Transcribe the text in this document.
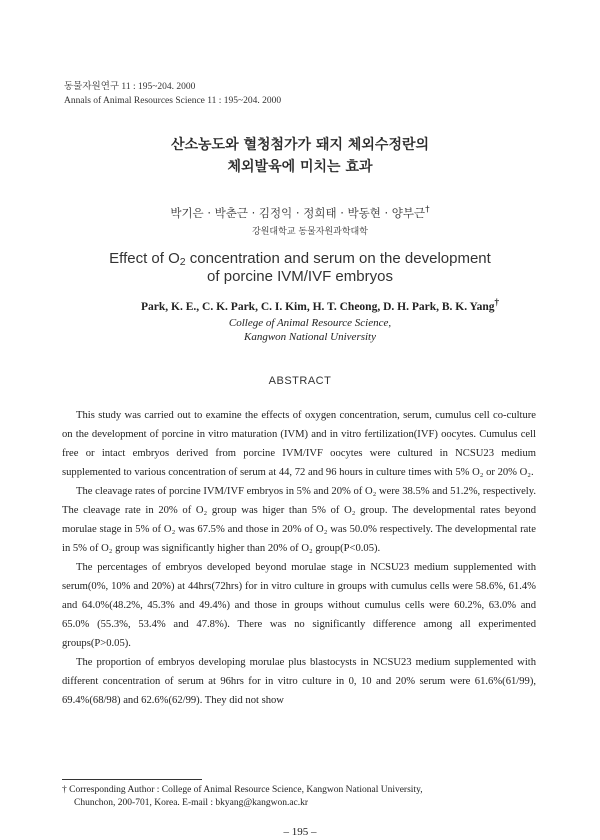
동물자원연구 11 : 195~204. 2000
Annals of Animal Resources Science 11 : 195~204. 2000
산소농도와 혈청첨가가 돼지 체외수정란의
체외발육에 미치는 효과
박기은 · 박춘근 · 김정익 · 정희태 · 박동현 · 양부근†
강원대학교 동물자원과학대학
Effect of $O_2$ concentration and serum on the development
of porcine IVM/IVF embryos
Park, K. E., C. K. Park, C. I. Kim, H. T. Cheong, D. H. Park, B. K. Yang†
College of Animal Resource Science,
Kangwon National University
ABSTRACT

This study was carried out to examine the effects of oxygen concentration, serum, cumulus cell co-culture on the development of porcine in vitro maturation (IVM) and in vitro fertilization(IVF) oocytes. Cumulus cell free or intact embryos derived from porcine IVM/IVF oocytes were cultured in NCSU23 medium supplemented to various concentration of serum at 44, 72 and 96 hours in culture times with 5% O₂ or 20% O₂.

The cleavage rates of porcine IVM/IVF embryos in 5% and 20% of O₂ were 38.5% and 51.2%, respectively. The cleavage rate in 20% of O₂ group was higer than 5% of O₂ group. The developmental rates beyond morulae stage in 5% of O₂ was 67.5% and those in 20% of O₂ was 50.0% respectively. The developmental rate in 5% of O₂ group was significantly higher than 20% of O₂ group(P<0.05).

The percentages of embryos developed beyond morulae stage in NCSU23 medium supplemented with serum(0%, 10% and 20%) at 44hrs(72hrs) for in vitro culture in groups with cumulus cells were 58.6%, 61.4% and 64.0%(48.2%, 45.3% and 49.4%) and those in groups without cumulus cells were 60.2%, 63.0% and 65.0% (55.3%, 53.4% and 47.8%). There was no significantly difference among all experimented groups(P>0.05).

The proportion of embryos developing morulae plus blastocysts in NCSU23 medium supplemented with different concentration of serum at 96hrs for in vitro culture in 0, 10 and 20% serum were 61.6%(61/99), 69.4%(68/98) and 62.6%(62/99). They did not show

† Corresponding Author : College of Animal Resource Science, Kangwon National University,
Chunchon, 200-701, Korea. E-mail : bkyang@kangwon.ac.kr
– 195 –
